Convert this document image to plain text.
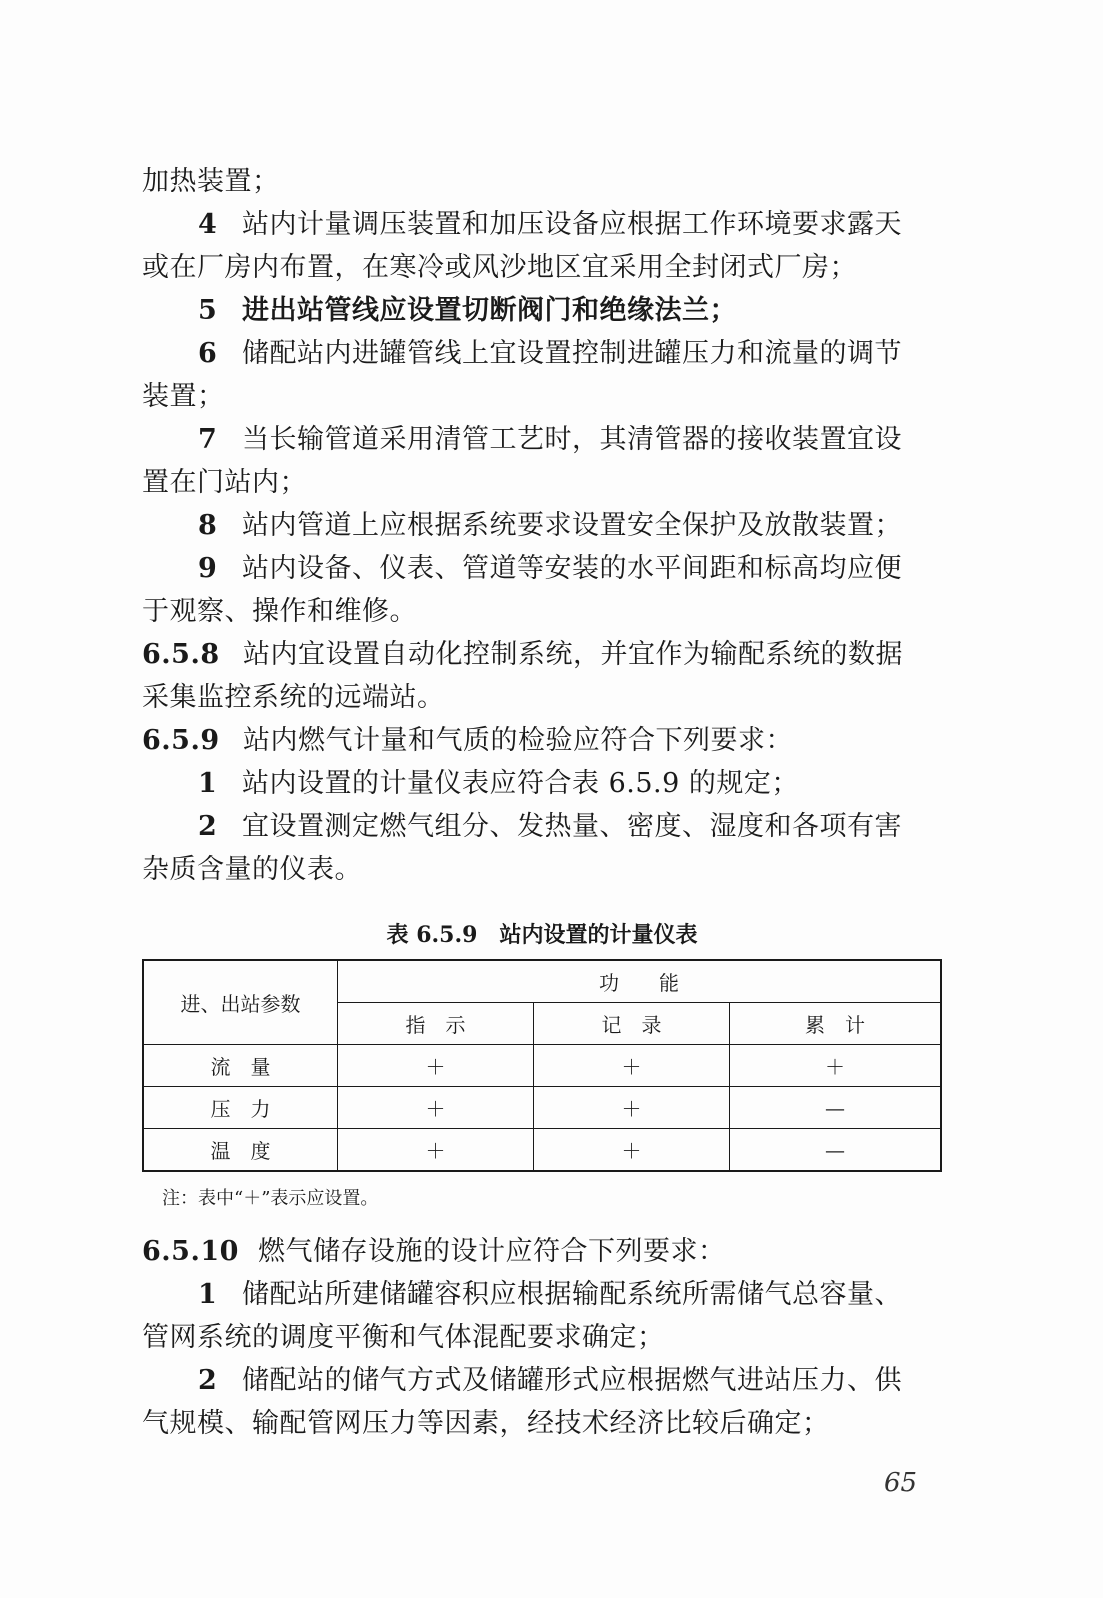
加热装置；
4 站内计量调压装置和加压设备应根据工作环境要求露天
或在厂房内布置，在寒冷或风沙地区宜采用全封闭式厂房；
5 进出站管线应设置切断阀门和绝缘法兰；
6 储配站内进罐管线上宜设置控制进罐压力和流量的调节
装置；
7 当长输管道采用清管工艺时，其清管器的接收装置宜设
置在门站内；
8 站内管道上应根据系统要求设置安全保护及放散装置；
9 站内设备、仪表、管道等安装的水平间距和标高均应便
于观察、操作和维修。
6.5.8 站内宜设置自动化控制系统，并宜作为输配系统的数据
采集监控系统的远端站。
6.5.9 站内燃气计量和气质的检验应符合下列要求：
1 站内设置的计量仪表应符合表 6.5.9 的规定；
2 宜设置测定燃气组分、发热量、密度、湿度和各项有害
杂质含量的仪表。
表 6.5.9　站内设置的计量仪表
进、出站参数	功　　能		
	指　示	记　录	累　计
流　量	＋	＋	＋
压　力	＋	＋	—
温　度	＋	＋	—
注：表中“＋”表示应设置。
6.5.10 燃气储存设施的设计应符合下列要求：
1 储配站所建储罐容积应根据输配系统所需储气总容量、
管网系统的调度平衡和气体混配要求确定；
2 储配站的储气方式及储罐形式应根据燃气进站压力、供
气规模、输配管网压力等因素，经技术经济比较后确定；
65
